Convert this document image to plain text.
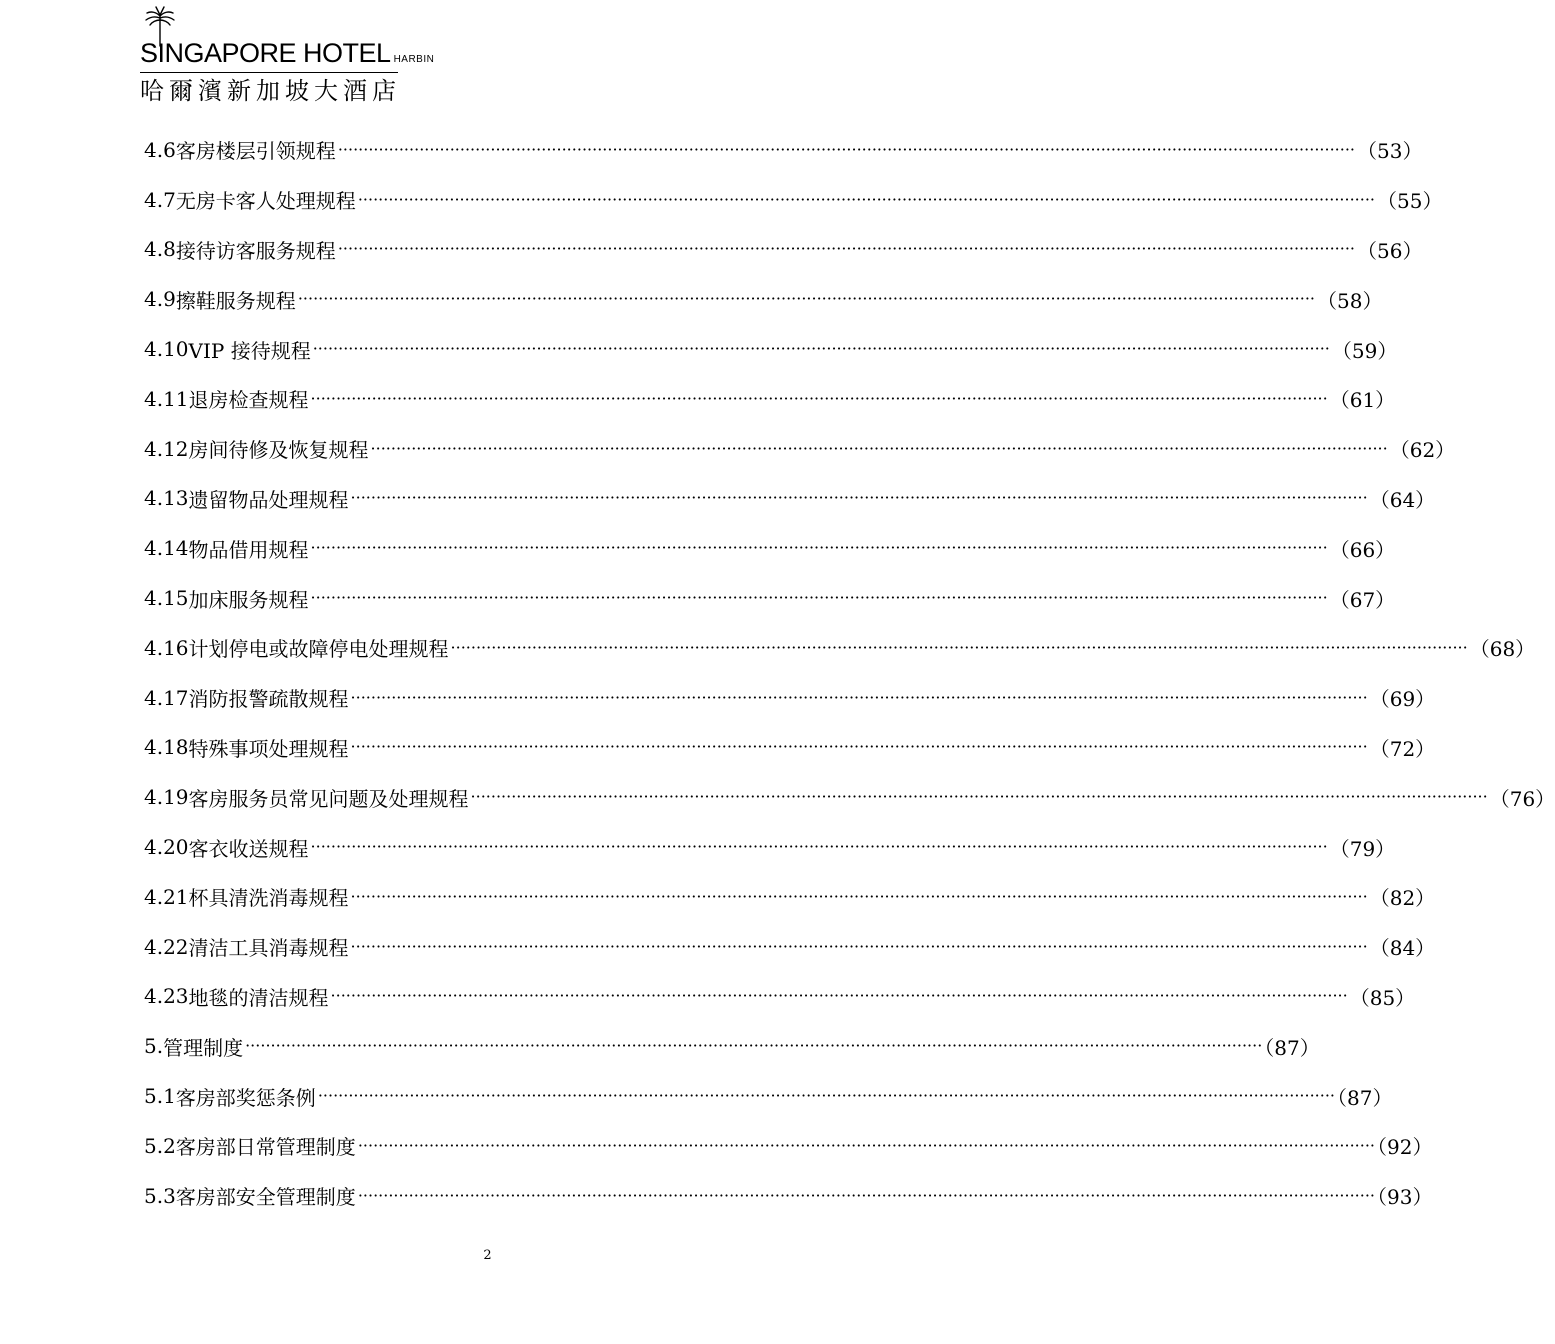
SINGAPORE HOTEL HARBIN
哈爾濱新加坡大酒店
4.6 客房楼层引领规程 ········································································································································································································ （53）
4.7 无房卡客人处理规程 ········································································································································································································ （55）
4.8 接待访客服务规程 ········································································································································································································ （56）
4.9 擦鞋服务规程 ········································································································································································································ （58）
4.10 VIP 接待规程 ········································································································································································································ （59）
4.11 退房检查规程 ········································································································································································································ （61）
4.12 房间待修及恢复规程 ········································································································································································································ （62）
4.13 遗留物品处理规程 ········································································································································································································ （64）
4.14 物品借用规程 ········································································································································································································ （66）
4.15 加床服务规程 ········································································································································································································ （67）
4.16 计划停电或故障停电处理规程 ········································································································································································································ （68）
4.17 消防报警疏散规程 ········································································································································································································ （69）
4.18 特殊事项处理规程 ········································································································································································································ （72）
4.19 客房服务员常见问题及处理规程 ········································································································································································································ （76）
4.20 客衣收送规程 ········································································································································································································ （79）
4.21 杯具清洗消毒规程 ········································································································································································································ （82）
4.22 清洁工具消毒规程 ········································································································································································································ （84）
4.23 地毯的清洁规程 ········································································································································································································ （85）
5. 管理制度 ········································································································································································································
（87）
5.1 客房部奖惩条例 ········································································································································································································
（87）
5.2 客房部日常管理制度 ········································································································································································································
（92）
5.3 客房部安全管理制度 ········································································································································································································
（93）
2
